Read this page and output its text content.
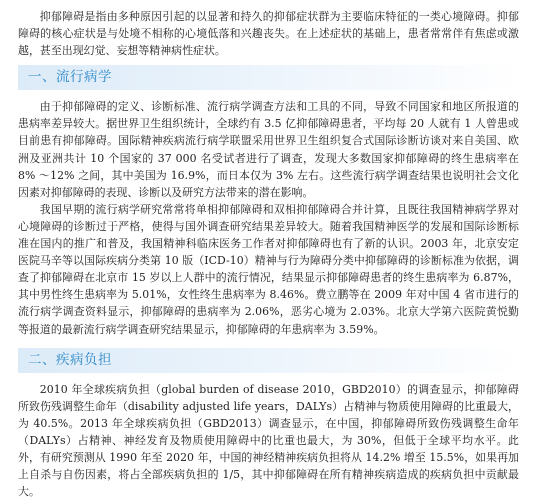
抑郁障碍是指由多种原因引起的以显著和持久的抑郁症状群为主要临床特征的一类心境障碍。抑郁障碍的核心症状是与处境不相称的心境低落和兴趣丧失。在上述症状的基础上，患者常常伴有焦虑或激越，甚至出现幻觉、妄想等精神病性症状。

一、流行病学

由于抑郁障碍的定义、诊断标准、流行病学调查方法和工具的不同，导致不同国家和地区所报道的患病率差异较大。据世界卫生组织统计，全球约有 3.5 亿抑郁障碍患者，平均每 20 人就有 1 人曾患或目前患有抑郁障碍。国际精神疾病流行病学联盟采用世界卫生组织复合式国际诊断访谈对来自美国、欧洲及亚洲共计 10 个国家的 37 000 名受试者进行了调查，发现大多数国家抑郁障碍的终生患病率在 8% ～12% 之间，其中美国为 16.9%，而日本仅为 3% 左右。这些流行病学调查结果也说明社会文化因素对抑郁障碍的表现、诊断以及研究方法带来的潜在影响。

我国早期的流行病学研究常常将单相抑郁障碍和双相抑郁障碍合并计算，且既往我国精神病学界对心境障碍的诊断过于严格，使得与国外调查研究结果差异较大。随着我国精神医学的发展和国际诊断标准在国内的推广和普及，我国精神科临床医务工作者对抑郁障碍也有了新的认识。2003 年，北京安定医院马辛等以国际疾病分类第 10 版（ICD-10）精神与行为障碍分类中抑郁障碍的诊断标准为依据，调查了抑郁障碍在北京市 15 岁以上人群中的流行情况，结果显示抑郁障碍患者的终生患病率为 6.87%，其中男性终生患病率为 5.01%，女性终生患病率为 8.46%。费立鹏等在 2009 年对中国 4 省市进行的流行病学调查资料显示，抑郁障碍的患病率为 2.06%，恶劣心境为 2.03%。北京大学第六医院黄悦勤等报道的最新流行病学调查研究结果显示，抑郁障碍的年患病率为 3.59%。

二、疾病负担

2010 年全球疾病负担（global burden of disease 2010，GBD2010）的调查显示，抑郁障碍所致伤残调整生命年（disability adjusted life years，DALYs）占精神与物质使用障碍的比重最大，为 40.5%。2013 年全球疾病负担（GBD2013）调查显示，在中国，抑郁障碍所致伤残调整生命年（DALYs）占精神、神经发育及物质使用障碍中的比重也最大，为 30%，但低于全球平均水平。此外，有研究预测从 1990 年至 2020 年，中国的神经精神疾病负担将从 14.2% 增至 15.5%，如果再加上自杀与自伤因素，将占全部疾病负担的 1/5，其中抑郁障碍在所有精神疾病造成的疾病负担中贡献最大。
